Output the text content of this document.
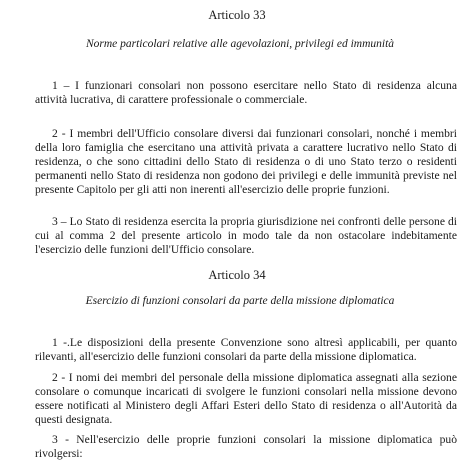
Articolo 33
Norme particolari relative alle agevolazioni, privilegi ed immunità

1 – I funzionari consolari non possono esercitare nello Stato di residenza alcuna attività lucrativa, di carattere professionale o commerciale.

2 - I membri dell'Ufficio consolare diversi dai funzionari consolari, nonché i membri della loro famiglia che esercitano una attività privata a carattere lucrativo nello Stato di residenza, o che sono cittadini dello Stato di residenza o di uno Stato terzo o residenti permanenti nello Stato di residenza non godono dei privilegi e delle immunità previste nel presente Capitolo per gli atti non inerenti all'esercizio delle proprie funzioni.

3 – Lo Stato di residenza esercita la propria giurisdizione nei confronti delle persone di cui al comma 2 del presente articolo in modo tale da non ostacolare indebitamente l'esercizio delle funzioni dell'Ufficio consolare.

Articolo 34
Esercizio di funzioni consolari da parte della missione diplomatica

1 -.Le disposizioni della presente Convenzione sono altresì applicabili, per quanto rilevanti, all'esercizio delle funzioni consolari da parte della missione diplomatica.

2 - I nomi dei membri del personale della missione diplomatica assegnati alla sezione consolare o comunque incaricati di svolgere le funzioni consolari nella missione devono essere notificati al Ministero degli Affari Esteri dello Stato di residenza o all'Autorità da questi designata.

3 - Nell'esercizio delle proprie funzioni consolari la missione diplomatica può rivolgersi:
